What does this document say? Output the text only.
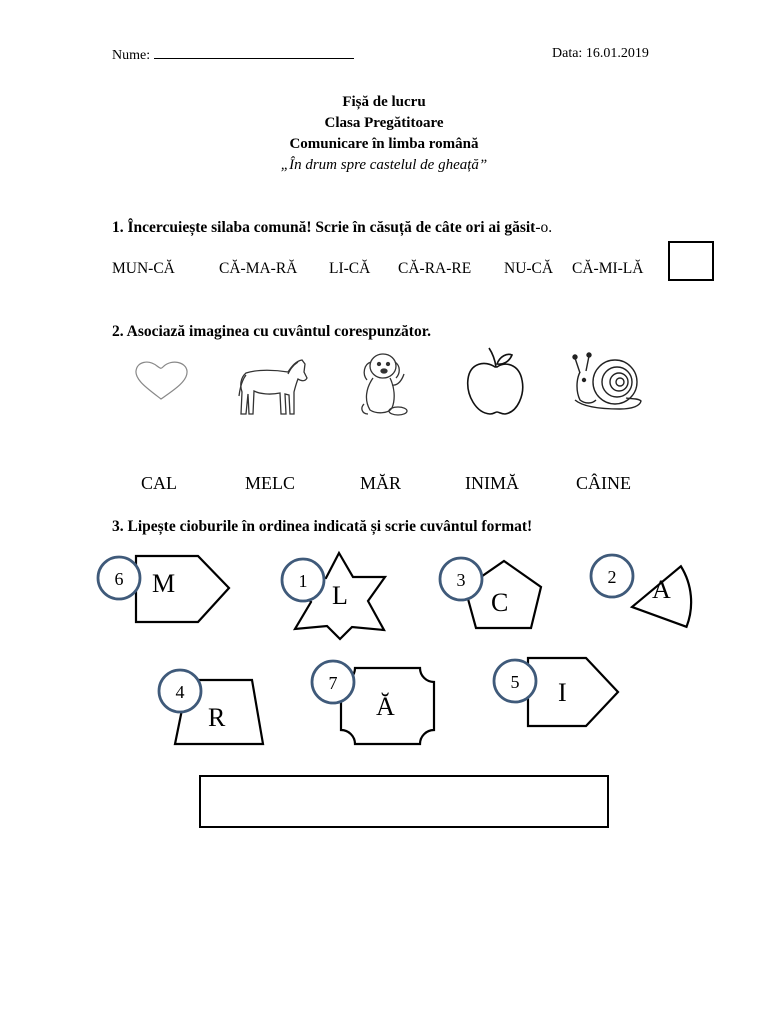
Nume:	Data: 16.01.2019
Fișă de lucru
Clasa Pregătitoare
Comunicare în limba română
„În drum spre castelul de gheață”
1. Încercuiește silaba comună! Scrie în căsuță de câte ori ai găsit-o.
MUN-CĂ	CĂ-MA-RĂ LI-CĂ CĂ-RA-RE NU-CĂ CĂ-MI-LĂ
2. Asociază imaginea cu cuvântul corespunzător.
CAL	MELC	MĂR	INIMĂ	CÂINE
3. Lipește cioburile în ordinea indicată și scrie cuvântul format!
M
6
L
1
C
3	A
2
R
4	Ă
7	I
5
